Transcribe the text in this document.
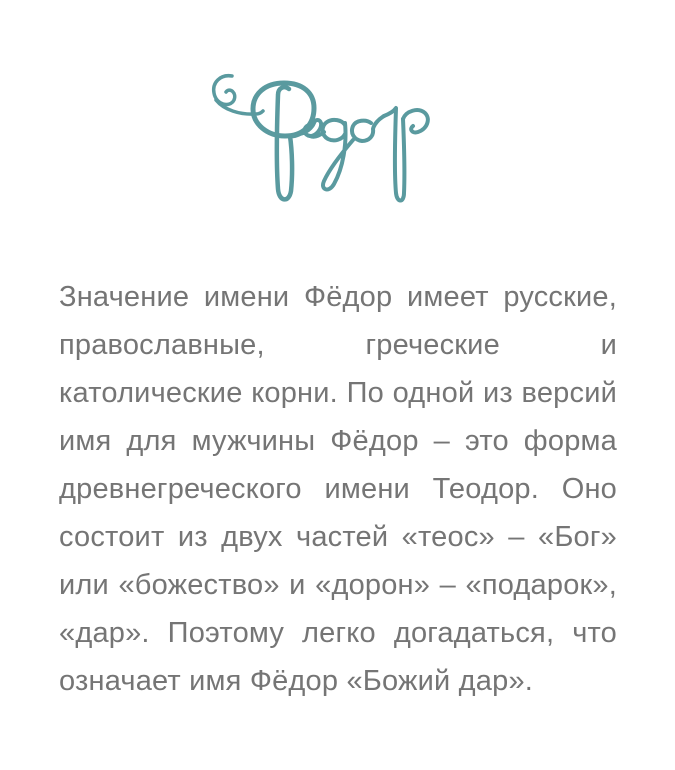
Значение имени Фёдор имеет русские, православные, греческие и католические корни. По одной из версий имя для мужчины Фёдор – это форма древнегреческого имени Теодор. Оно состоит из двух частей «теос» – «Бог» или «божество» и «дорон» – «подарок», «дар». Поэтому легко догадаться, что означает имя Фёдор «Божий дар».
